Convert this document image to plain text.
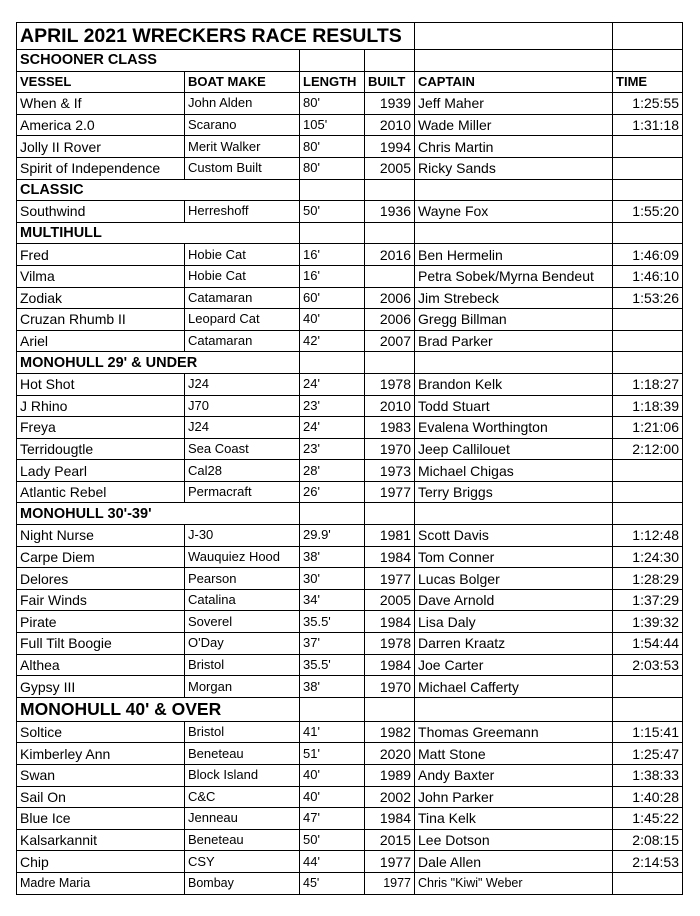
APRIL 2021 WRECKERS RACE RESULTS					
SCHOONER CLASS					
VESSEL	BOAT MAKE	LENGTH	BUILT	CAPTAIN	TIME
When & If	John Alden	80'	1939	Jeff Maher	1:25:55
America 2.0	Scarano	105'	2010	Wade Miller	1:31:18
Jolly II Rover	Merit Walker	80'	1994	Chris Martin	
Spirit of Independence	Custom Built	80'	2005	Ricky Sands	
CLASSIC					
Southwind	Herreshoff	50'	1936	Wayne Fox	1:55:20
MULTIHULL					
Fred	Hobie Cat	16'	2016	Ben Hermelin	1:46:09
Vilma	Hobie Cat	16'		Petra Sobek/Myrna Bendeut	1:46:10
Zodiak	Catamaran	60'	2006	Jim Strebeck	1:53:26
Cruzan Rhumb II	Leopard Cat	40'	2006	Gregg Billman	
Ariel	Catamaran	42'	2007	Brad Parker	
MONOHULL 29' & UNDER					
Hot Shot	J24	24'	1978	Brandon Kelk	1:18:27
J Rhino	J70	23'	2010	Todd Stuart	1:18:39
Freya	J24	24'	1983	Evalena Worthington	1:21:06
Terridougtle	Sea Coast	23'	1970	Jeep Callilouet	2:12:00
Lady Pearl	Cal28	28'	1973	Michael Chigas	
Atlantic Rebel	Permacraft	26'	1977	Terry Briggs	
MONOHULL 30'-39'					
Night Nurse	J-30	29.9'	1981	Scott Davis	1:12:48
Carpe Diem	Wauquiez Hood	38'	1984	Tom Conner	1:24:30
Delores	Pearson	30'	1977	Lucas Bolger	1:28:29
Fair Winds	Catalina	34'	2005	Dave Arnold	1:37:29
Pirate	Soverel	35.5'	1984	Lisa Daly	1:39:32
Full Tilt Boogie	O'Day	37'	1978	Darren Kraatz	1:54:44
Althea	Bristol	35.5'	1984	Joe Carter	2:03:53
Gypsy III	Morgan	38'	1970	Michael Cafferty	
MONOHULL 40' & OVER					
Soltice	Bristol	41'	1982	Thomas Greemann	1:15:41
Kimberley Ann	Beneteau	51'	2020	Matt Stone	1:25:47
Swan	Block Island	40'	1989	Andy Baxter	1:38:33
Sail On	C&C	40'	2002	John Parker	1:40:28
Blue Ice	Jenneau	47'	1984	Tina Kelk	1:45:22
Kalsarkannit	Beneteau	50'	2015	Lee Dotson	2:08:15
Chip	CSY	44'	1977	Dale Allen	2:14:53
Madre Maria	Bombay	45'	1977	Chris "Kiwi" Weber	
